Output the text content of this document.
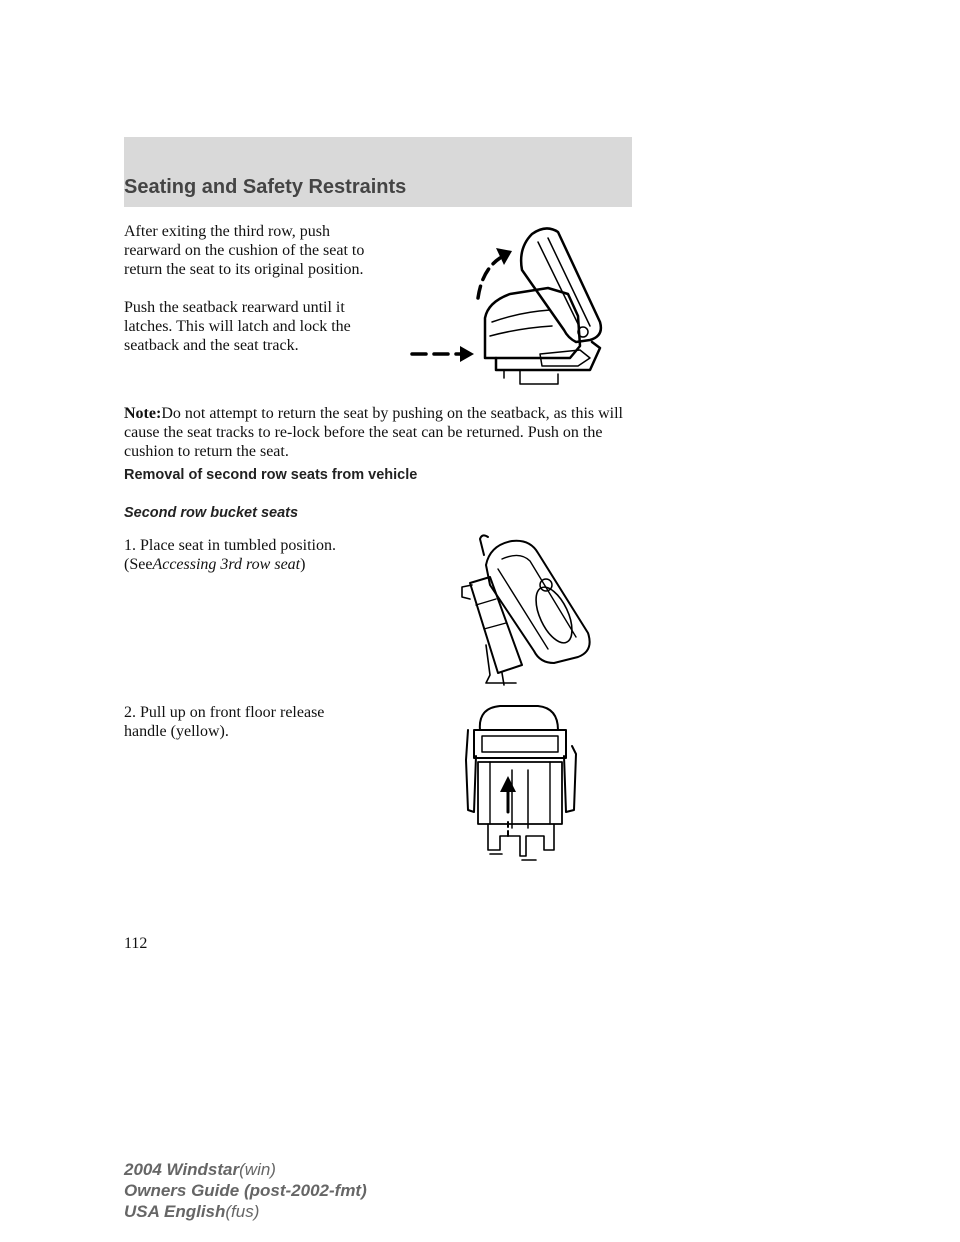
Seating and Safety Restraints

After exiting the third row, push rearward on the cushion of the seat to return the seat to its original position.

Push the seatback rearward until it latches. This will latch and lock the seatback and the seat track.

Note:Do not attempt to return the seat by pushing on the seatback, as this will cause the seat tracks to re-lock before the seat can be returned. Push on the cushion to return the seat.

Removal of second row seats from vehicle
Second row bucket seats

1. Place seat in tumbled position. (SeeAccessing 3rd row seat)

2. Pull up on front floor release handle (yellow).

112
2004 Windstar(win)
Owners Guide (post-2002-fmt)
USA English(fus)
